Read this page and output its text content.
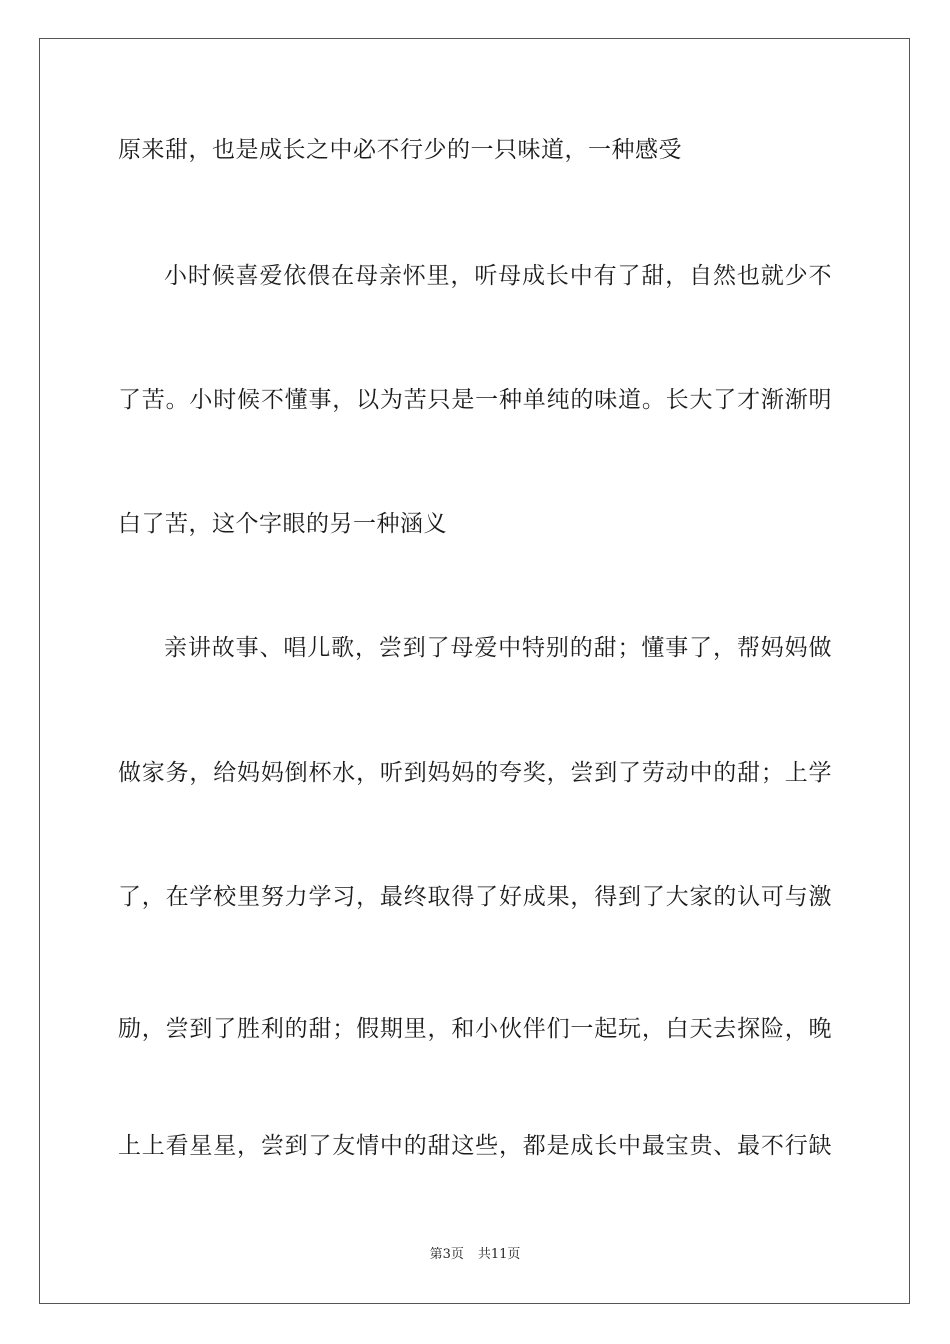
原来甜，也是成长之中必不行少的一只味道，一种感受
小时候喜爱依偎在母亲怀里，听母成长中有了甜，自然也就少不
了苦。小时候不懂事，以为苦只是一种单纯的味道。长大了才渐渐明
白了苦，这个字眼的另一种涵义
亲讲故事、唱儿歌，尝到了母爱中特别的甜；懂事了，帮妈妈做
做家务，给妈妈倒杯水，听到妈妈的夸奖，尝到了劳动中的甜；上学
了，在学校里努力学习，最终取得了好成果，得到了大家的认可与激
励，尝到了胜利的甜；假期里，和小伙伴们一起玩，白天去探险，晚
上上看星星，尝到了友情中的甜这些，都是成长中最宝贵、最不行缺
第3页 共11页
